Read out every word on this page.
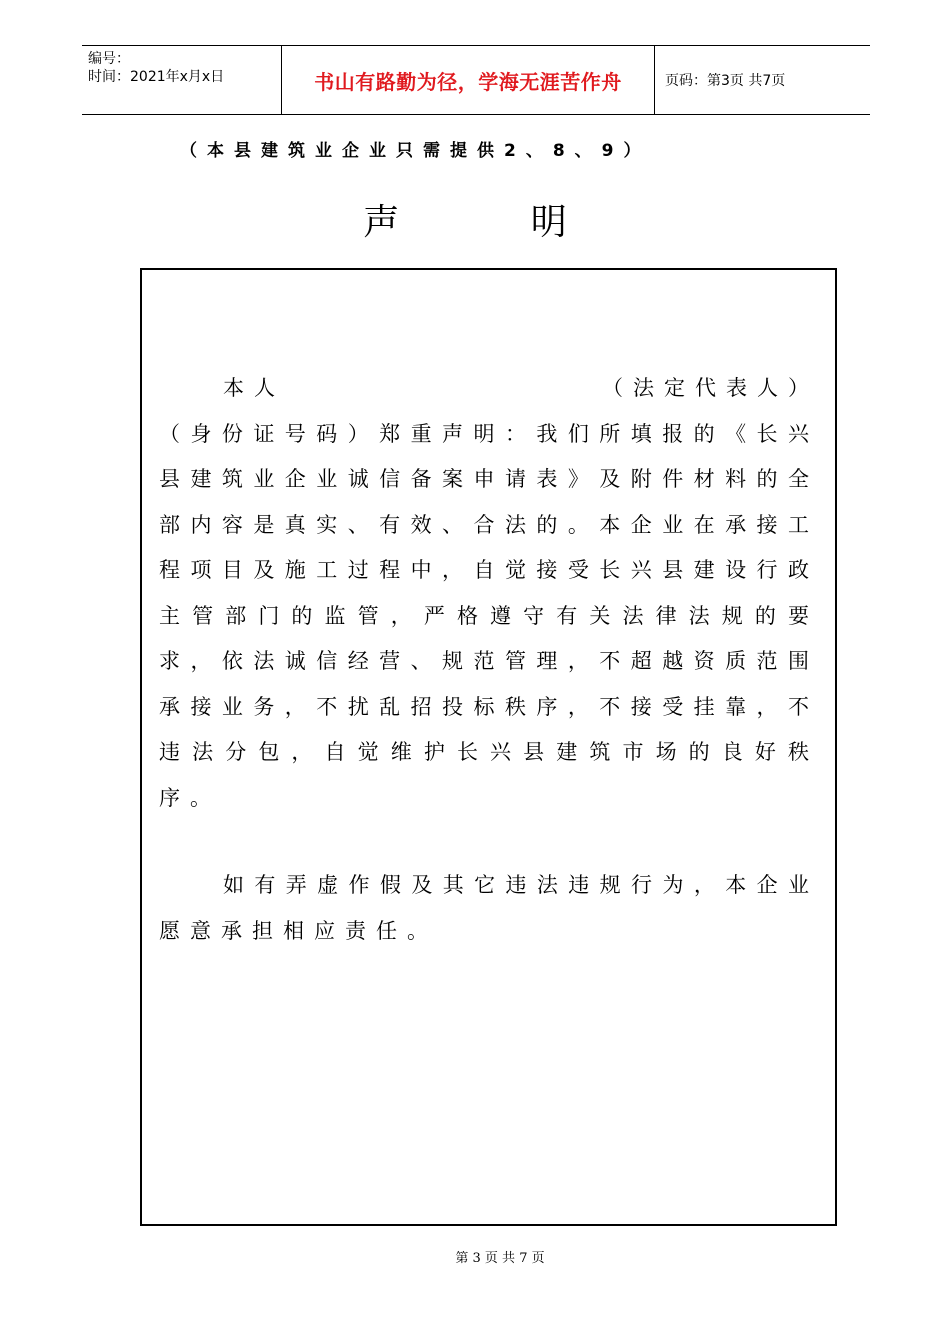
编号：
时间：2021年x月x日	书山有路勤为径，学海无涯苦作舟	页码：第3页 共7页
（本县建筑业企业只需提供2、8、9）
声 明
本人	（法定代表人）
（身份证号码）郑重声明：我们所填报的《长兴县建筑业企业诚信备案申请表》及附件材料的全部内容是真实、有效、合法的。本企业在承接工程项目及施工过程中，自觉接受长兴县建设行政主管部门的监管，严格遵守有关法律法规的要求，依法诚信经营、规范管理，不超越资质范围承接业务，不扰乱招投标秩序，不接受挂靠，不违法分包，自觉维护长兴县建筑市场的良好秩序。

如有弄虚作假及其它违法违规行为，本企业愿意承担相应责任。

第 3 页 共 7 页
